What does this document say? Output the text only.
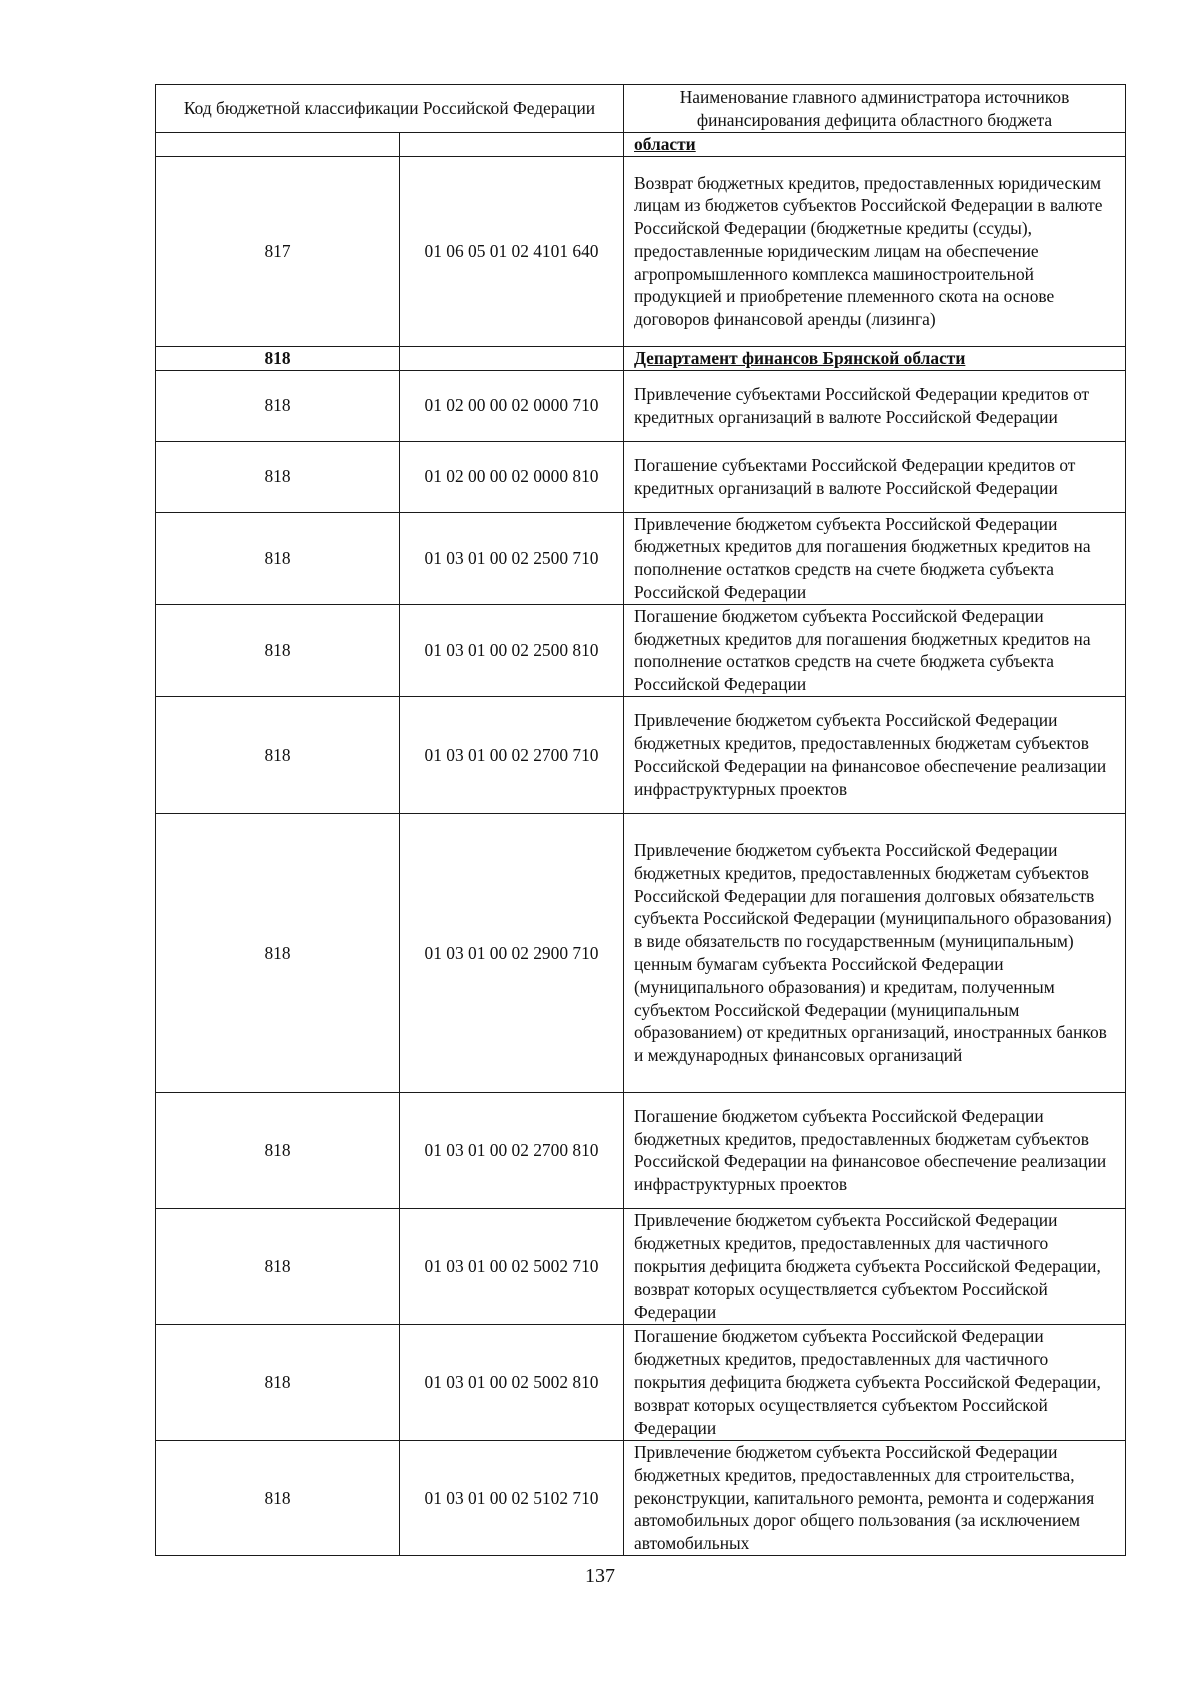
Код бюджетной классификации Российской Федерации		Наименование главного администратора источников финансирования дефицита областного бюджета
		области
817	01 06 05 01 02 4101 640	Возврат бюджетных кредитов, предоставленных юридическим лицам из бюджетов субъектов Российской Федерации в валюте Российской Федерации (бюджетные кредиты (ссуды), предоставленные юридическим лицам на обеспечение агропромышленного комплекса машиностроительной продукцией и приобретение племенного скота на основе договоров финансовой аренды (лизинга)
818		Департамент финансов Брянской области
818	01 02 00 00 02 0000 710	Привлечение субъектами Российской Федерации кредитов от кредитных организаций в валюте Российской Федерации
818	01 02 00 00 02 0000 810	Погашение субъектами Российской Федерации кредитов от кредитных организаций в валюте Российской Федерации
818	01 03 01 00 02 2500 710	Привлечение бюджетом субъекта Российской Федерации бюджетных кредитов для погашения бюджетных кредитов на пополнение остатков средств на счете бюджета субъекта Российской Федерации
818	01 03 01 00 02 2500 810	Погашение бюджетом субъекта Российской Федерации бюджетных кредитов для погашения бюджетных кредитов на пополнение остатков средств на счете бюджета субъекта Российской Федерации
818	01 03 01 00 02 2700 710	Привлечение бюджетом субъекта Российской Федерации бюджетных кредитов, предоставленных бюджетам субъектов Российской Федерации на финансовое обеспечение реализации инфраструктурных проектов
818	01 03 01 00 02 2900 710	Привлечение бюджетом субъекта Российской Федерации бюджетных кредитов, предоставленных бюджетам субъектов Российской Федерации для погашения долговых обязательств субъекта Российской Федерации (муниципального образования) в виде обязательств по государственным (муниципальным) ценным бумагам субъекта Российской Федерации (муниципального образования) и кредитам, полученным субъектом Российской Федерации (муниципальным образованием) от кредитных организаций, иностранных банков и международных финансовых организаций
818	01 03 01 00 02 2700 810	Погашение бюджетом субъекта Российской Федерации бюджетных кредитов, предоставленных бюджетам субъектов Российской Федерации на финансовое обеспечение реализации инфраструктурных проектов
818	01 03 01 00 02 5002 710	Привлечение бюджетом субъекта Российской Федерации бюджетных кредитов, предоставленных для частичного покрытия дефицита бюджета субъекта Российской Федерации, возврат которых осуществляется субъектом Российской Федерации
818	01 03 01 00 02 5002 810	Погашение бюджетом субъекта Российской Федерации бюджетных кредитов, предоставленных для частичного покрытия дефицита бюджета субъекта Российской Федерации, возврат которых осуществляется субъектом Российской Федерации
818	01 03 01 00 02 5102 710	Привлечение бюджетом субъекта Российской Федерации бюджетных кредитов, предоставленных для строительства, реконструкции, капитального ремонта, ремонта и содержания автомобильных дорог общего пользования (за исключением автомобильных
137
